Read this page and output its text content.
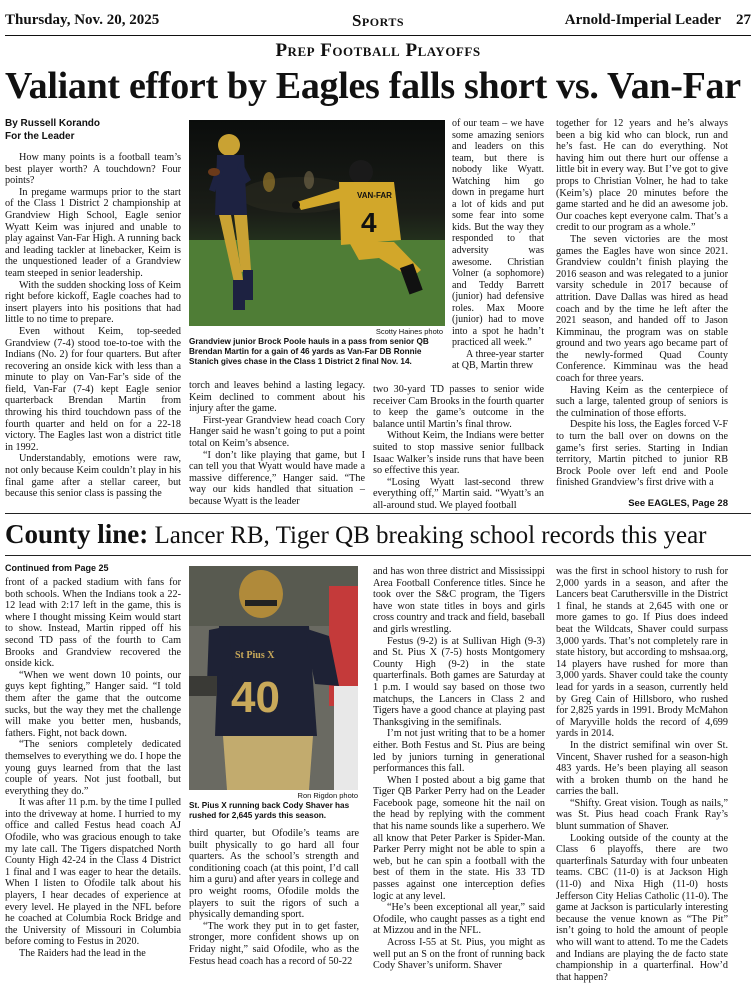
Thursday, Nov. 20, 2025	Sports	Arnold-Imperial Leader 27
Prep Football Playoffs
Valiant effort by Eagles falls short vs. Van-Far
By Russell Korando
For the Leader

How many points is a football team’s best player worth? A touchdown? Four points?

In pregame warmups prior to the start of the Class 1 District 2 championship at Grandview High School, Eagle senior Wyatt Keim was injured and unable to play against Van-Far High. A running back and leading tackler at linebacker, Keim is the unquestioned leader of a Grandview team steeped in senior leadership.

With the sudden shocking loss of Keim right before kickoff, Eagle coaches had to insert players into his positions that had little to no time to prepare.

Even without Keim, top-seeded Grandview (7-4) stood toe-to-toe with the Indians (No. 2) for four quarters. But after recovering an onside kick with less than a minute to play on Van-Far’s side of the field, Van-Far (7-4) kept Eagle senior quarterback Brendan Martin from throwing his third touchdown pass of the fourth quarter and held on for a 22-18 victory. The Eagles last won a district title in 1992.

Understandably, emotions were raw, not only because Keim couldn’t play in his final game after a stellar career, but because this senior class is passing the

VAN-FAR
4
Scotty Haines photo
Grandview junior Brock Poole hauls in a pass from senior QB Brendan Martin for a gain of 46 yards as Van-Far DB Ronnie Stanich gives chase in the Class 1 District 2 final Nov. 14.

torch and leaves behind a lasting legacy. Keim declined to comment about his injury after the game.

First-year Grandview head coach Cory Hanger said he wasn’t going to put a point total on Keim’s absence.

“I don’t like playing that game, but I can tell you that Wyatt would have made a massive difference,” Hanger said. “The way our kids handled that situation – because Wyatt is the leader

of our team – we have some amazing seniors and leaders on this team, but there is nobody like Wyatt. Watching him go down in pregame hurt a lot of kids and put some fear into some kids. But the way they responded to that adversity was awesome. Christian Volner (a sophomore) and Teddy Barrett (junior) had defensive roles. Max Moore (junior) had to move into a spot he hadn’t practiced all week.”

A three-year starter at QB, Martin threw

two 30-yard TD passes to senior wide receiver Cam Brooks in the fourth quarter to keep the game’s outcome in the balance until Martin’s final throw.

Without Keim, the Indians were better suited to stop massive senior fullback Isaac Walker’s inside runs that have been so effective this year.

“Losing Wyatt last-second threw everything off,” Martin said. “Wyatt’s an all-around stud. We played football

together for 12 years and he’s always been a big kid who can block, run and he’s fast. He can do everything. Not having him out there hurt our offense a little bit in every way. But I’ve got to give props to Christian Volner, he had to take (Keim’s) place 20 minutes before the game started and he did an awesome job. Our coaches kept everyone calm. That’s a credit to our program as a whole.”

The seven victories are the most games the Eagles have won since 2021. Grandview couldn’t finish playing the 2016 season and was relegated to a junior varsity schedule in 2017 because of attrition. Dave Dallas was hired as head coach and by the time he left after the 2021 season, and handed off to Jason Kimminau, the program was on stable ground and two years ago became part of the newly-formed Quad County Conference. Kimminau was the head coach for three years.

Having Keim as the centerpiece of such a large, talented group of seniors is the culmination of those efforts.

Despite his loss, the Eagles forced V-F to turn the ball over on downs on the game’s first series. Starting in Indian territory, Martin pitched to junior RB Brock Poole over left end and Poole finished Grandview’s first drive with a

See EAGLES, Page 28
County line: Lancer RB, Tiger QB breaking school records this year
Continued from Page 25

front of a packed stadium with fans for both schools. When the Indians took a 22-12 lead with 2:17 left in the game, this is where I thought missing Keim would start to show. Instead, Martin ripped off his second TD pass of the fourth to Cam Brooks and Grandview recovered the onside kick.

“When we went down 10 points, our guys kept fighting,” Hanger said. “I told them after the game that the outcome sucks, but the way they met the challenge will make you better men, husbands, fathers. Fight, not back down.

“The seniors completely dedicated themselves to everything we do. I hope the young guys learned from that the last couple of years. Not just football, but everything they do.”

It was after 11 p.m. by the time I pulled into the driveway at home. I hurried to my office and called Festus head coach AJ Ofodile, who was gracious enough to take my late call. The Tigers dispatched North County High 42-24 in the Class 4 District 1 final and I was eager to hear the details. When I listen to Ofodile talk about his players, I hear decades of experience at every level. He played in the NFL before he coached at Columbia Rock Bridge and the University of Missouri in Columbia before coming to Festus in 2020.

The Raiders had the lead in the

St Pius X
40
Ron Rigdon photo
St. Pius X running back Cody Shaver has rushed for 2,645 yards this season.

third quarter, but Ofodile’s teams are built physically to go hard all four quarters. As the school’s strength and conditioning coach (at this point, I’d call him a guru) and after years in college and pro weight rooms, Ofodile molds the players to suit the rigors of such a physically demanding sport.

“The work they put in to get faster, stronger, more confident shows up on Friday night,” said Ofodile, who as the Festus head coach has a record of 50-22

and has won three district and Mississippi Area Football Conference titles. Since he took over the S&C program, the Tigers have won state titles in boys and girls cross country and track and field, baseball and girls wrestling.

Festus (9-2) is at Sullivan High (9-3) and St. Pius X (7-5) hosts Montgomery County High (9-2) in the state quarterfinals. Both games are Saturday at 1 p.m. I would say based on those two matchups, the Lancers in Class 2 and Tigers have a good chance at playing past Thanksgiving in the semifinals.

I’m not just writing that to be a homer either. Both Festus and St. Pius are being led by juniors turning in generational performances this fall.

When I posted about a big game that Tiger QB Parker Perry had on the Leader Facebook page, someone hit the nail on the head by replying with the comment that his name sounds like a superhero. We all know that Peter Parker is Spider-Man. Parker Perry might not be able to spin a web, but he can spin a football with the best of them in the state. His 33 TD passes against one interception defies logic at any level.

“He’s been exceptional all year,” said Ofodile, who caught passes as a tight end at Mizzou and in the NFL.

Across I-55 at St. Pius, you might as well put an S on the front of running back Cody Shaver’s uniform. Shaver

was the first in school history to rush for 2,000 yards in a season, and after the Lancers beat Caruthersville in the District 1 final, he stands at 2,645 with one or more games to go. If Pius does indeed beat the Wildcats, Shaver could surpass 3,000 yards. That’s not completely rare in state history, but according to mshsaa.org, 14 players have rushed for more than 3,000 yards. Shaver could take the county lead for yards in a season, currently held by Greg Cain of Hillsboro, who rushed for 2,825 yards in 1991. Brody McMahon of Maryville holds the record of 4,699 yards in 2014.

In the district semifinal win over St. Vincent, Shaver rushed for a season-high 483 yards. He’s been playing all season with a broken thumb on the hand he carries the ball.

“Shifty. Great vision. Tough as nails,” was St. Pius head coach Frank Ray’s blunt summation of Shaver.

Looking outside of the county at the Class 6 playoffs, there are two quarterfinals Saturday with four unbeaten teams. CBC (11-0) is at Jackson High (11-0) and Nixa High (11-0) hosts Jefferson City Helias Catholic (11-0). The game at Jackson is particularly interesting because the venue known as “The Pit” isn’t going to hold the amount of people who will want to attend. To me the Cadets and Indians are playing the de facto state championship in a quarterfinal. How’d that happen?
